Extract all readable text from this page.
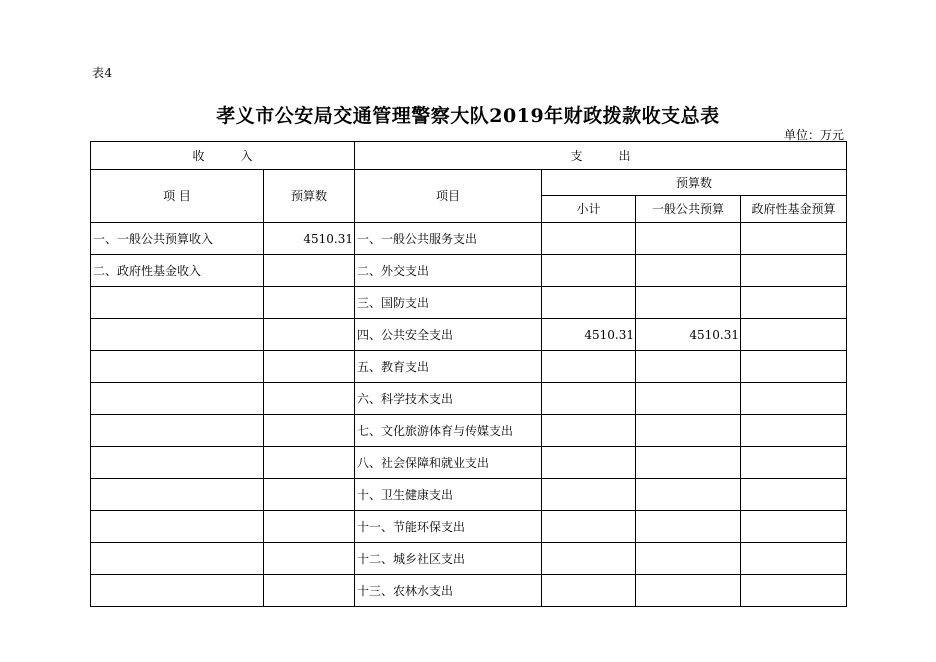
表4
孝义市公安局交通管理警察大队2019年财政拨款收支总表
单位：万元
收　　　入		支　　　出			
项 目	预算数	项目	预算数		
			小计	一般公共预算	政府性基金预算
一、一般公共预算收入	4510.31	一、一般公共服务支出			
二、政府性基金收入		二、外交支出			
		三、国防支出			
		四、公共安全支出	4510.31	4510.31	
		五、教育支出			
		六、科学技术支出			
		七、文化旅游体育与传媒支出			
		八、社会保障和就业支出			
		十、卫生健康支出			
		十一、节能环保支出			
		十二、城乡社区支出			
		十三、农林水支出			
